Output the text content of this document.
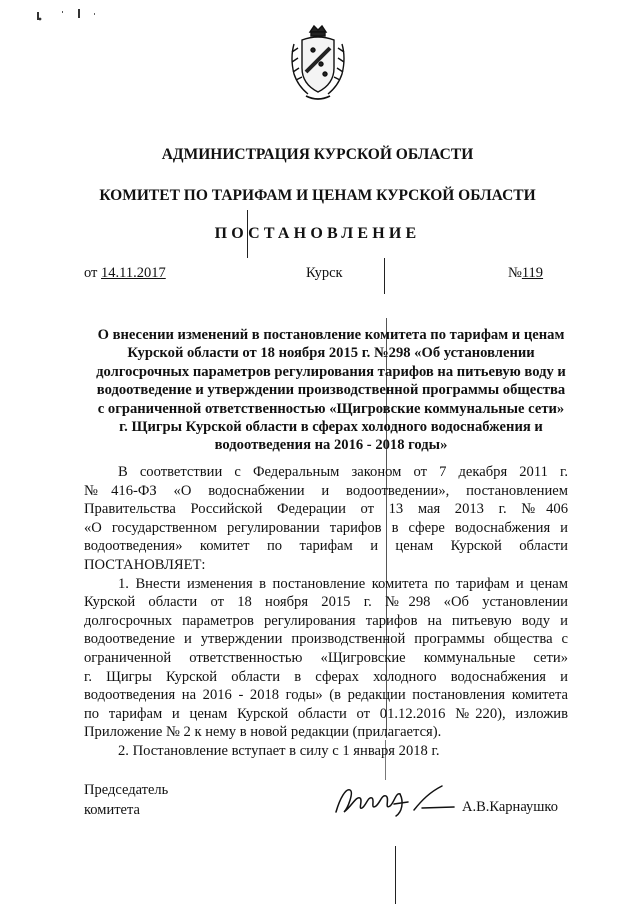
АДМИНИСТРАЦИЯ КУРСКОЙ ОБЛАСТИ
КОМИТЕТ ПО ТАРИФАМ И ЦЕНАМ КУРСКОЙ ОБЛАСТИ
ПОСТАНОВЛЕНИЕ
от 14.11.2017	Курск	№119
О внесении изменений в постановление комитета по тарифам и ценам
Курской области от 18 ноября 2015 г. №298 «Об установлении
долгосрочных параметров регулирования тарифов на питьевую воду и
водоотведение и утверждении производственной программы общества
с ограниченной ответственностью «Щигровские коммунальные сети»
г. Щигры Курской области в сферах холодного водоснабжения и
водоотведения на 2016 - 2018 годы»

В соответствии с Федеральным законом от 7 декабря 2011 г.
№416-ФЗ «О водоснабжении и водоотведении», постановлением
Правительства Российской Федерации от 13 мая 2013 г. №406
«О государственном регулировании тарифов в сфере водоснабжения и
водоотведения» комитет по тарифам и ценам Курской области
ПОСТАНОВЛЯЕТ:

1. Внести изменения в постановление комитета по тарифам и ценам
Курской области от 18 ноября 2015 г. №298 «Об установлении
долгосрочных параметров регулирования тарифов на питьевую воду и
водоотведение и утверждении производственной программы общества с
ограниченной ответственностью «Щигровские коммунальные сети»
г. Щигры Курской области в сферах холодного водоснабжения и
водоотведения на 2016 - 2018 годы» (в редакции постановления комитета
по тарифам и ценам Курской области от 01.12.2016 №220), изложив
Приложение № 2 к нему в новой редакции (прилагается).

2. Постановление вступает в силу с 1 января 2018 г.

Председатель
комитета	А.В.Карнаушко
